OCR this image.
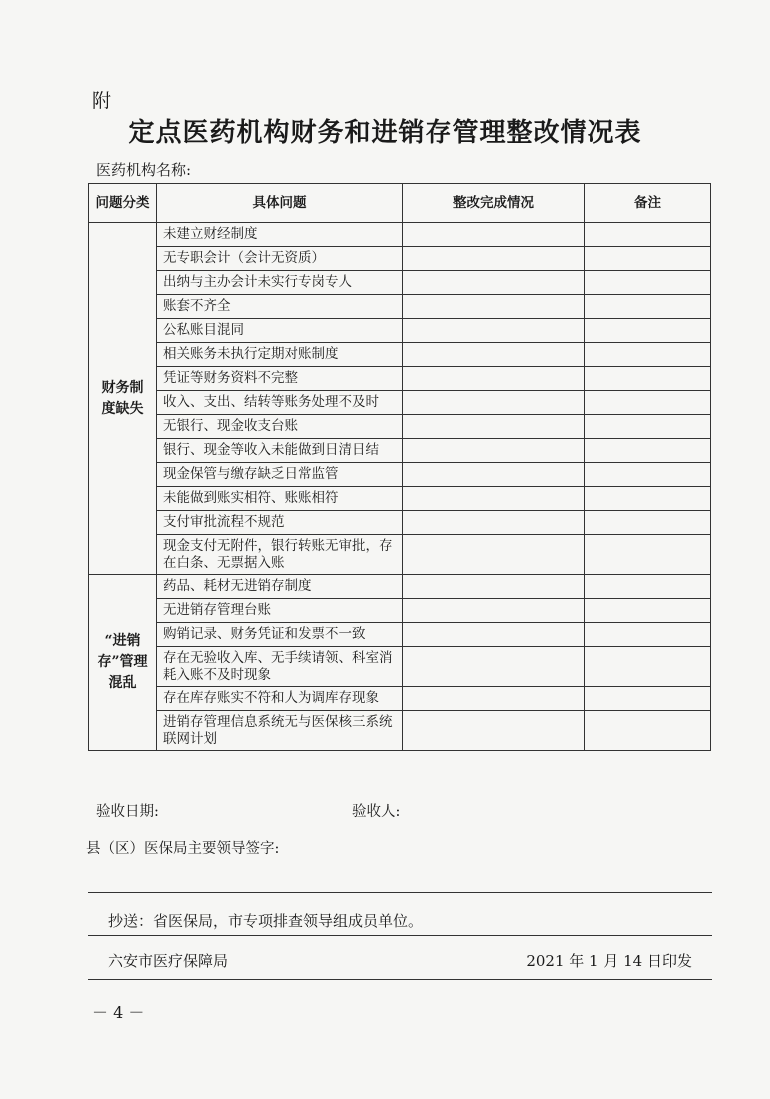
附
定点医药机构财务和进销存管理整改情况表
医药机构名称:
问题分类	具体问题	整改完成情况	备注
财务制度缺失	未建立财经制度		
	无专职会计（会计无资质）		
	出纳与主办会计未实行专岗专人		
	账套不齐全		
	公私账目混同		
	相关账务未执行定期对账制度		
	凭证等财务资料不完整		
	收入、支出、结转等账务处理不及时		
	无银行、现金收支台账		
	银行、现金等收入未能做到日清日结		
	现金保管与缴存缺乏日常监管		
	未能做到账实相符、账账相符		
	支付审批流程不规范		
	现金支付无附件，银行转账无审批，存在白条、无票据入账		
“进销存”管理混乱	药品、耗材无进销存制度		
	无进销存管理台账		
	购销记录、财务凭证和发票不一致		
	存在无验收入库、无手续请领、科室消耗入账不及时现象		
	存在库存账实不符和人为调库存现象		
	进销存管理信息系统无与医保核三系统联网计划		
验收日期:	验收人:
县（区）医保局主要领导签字:
抄送：省医保局，市专项排查领导组成员单位。
六安市医疗保障局	2021 年 1 月 14 日印发
－ 4 －
